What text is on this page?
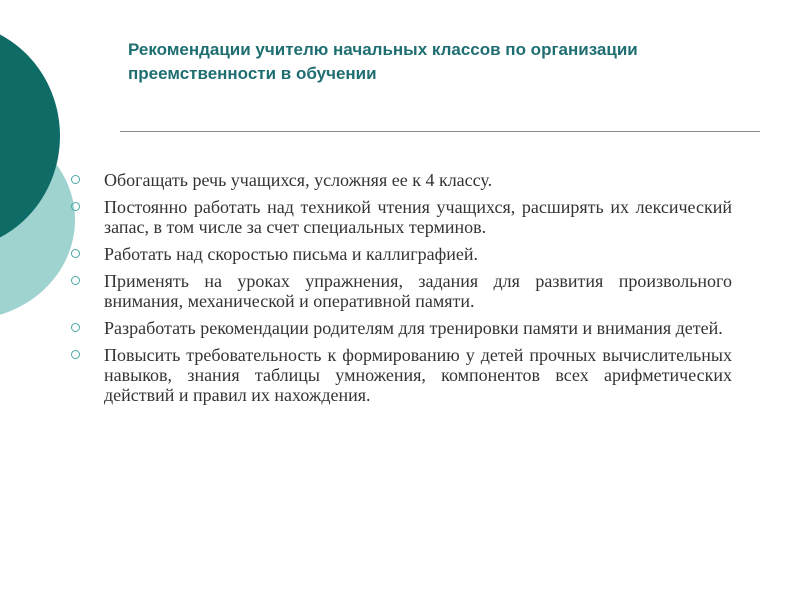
Рекомендации учителю начальных классов по организации преемственности в обучении
Обогащать речь учащихся, усложняя ее к 4 классу.
Постоянно работать над техникой чтения учащихся, расширять их лексический запас, в том числе за счет специальных терминов.
Работать над скоростью письма и каллиграфией.
Применять на уроках упражнения, задания для развития произвольного внимания, механической и оперативной памяти.
Разработать рекомендации родителям для тренировки памяти и внимания детей.
Повысить требовательность к формированию у детей прочных вычислительных навыков, знания таблицы умножения, компонентов всех арифметических действий и правил их нахождения.
